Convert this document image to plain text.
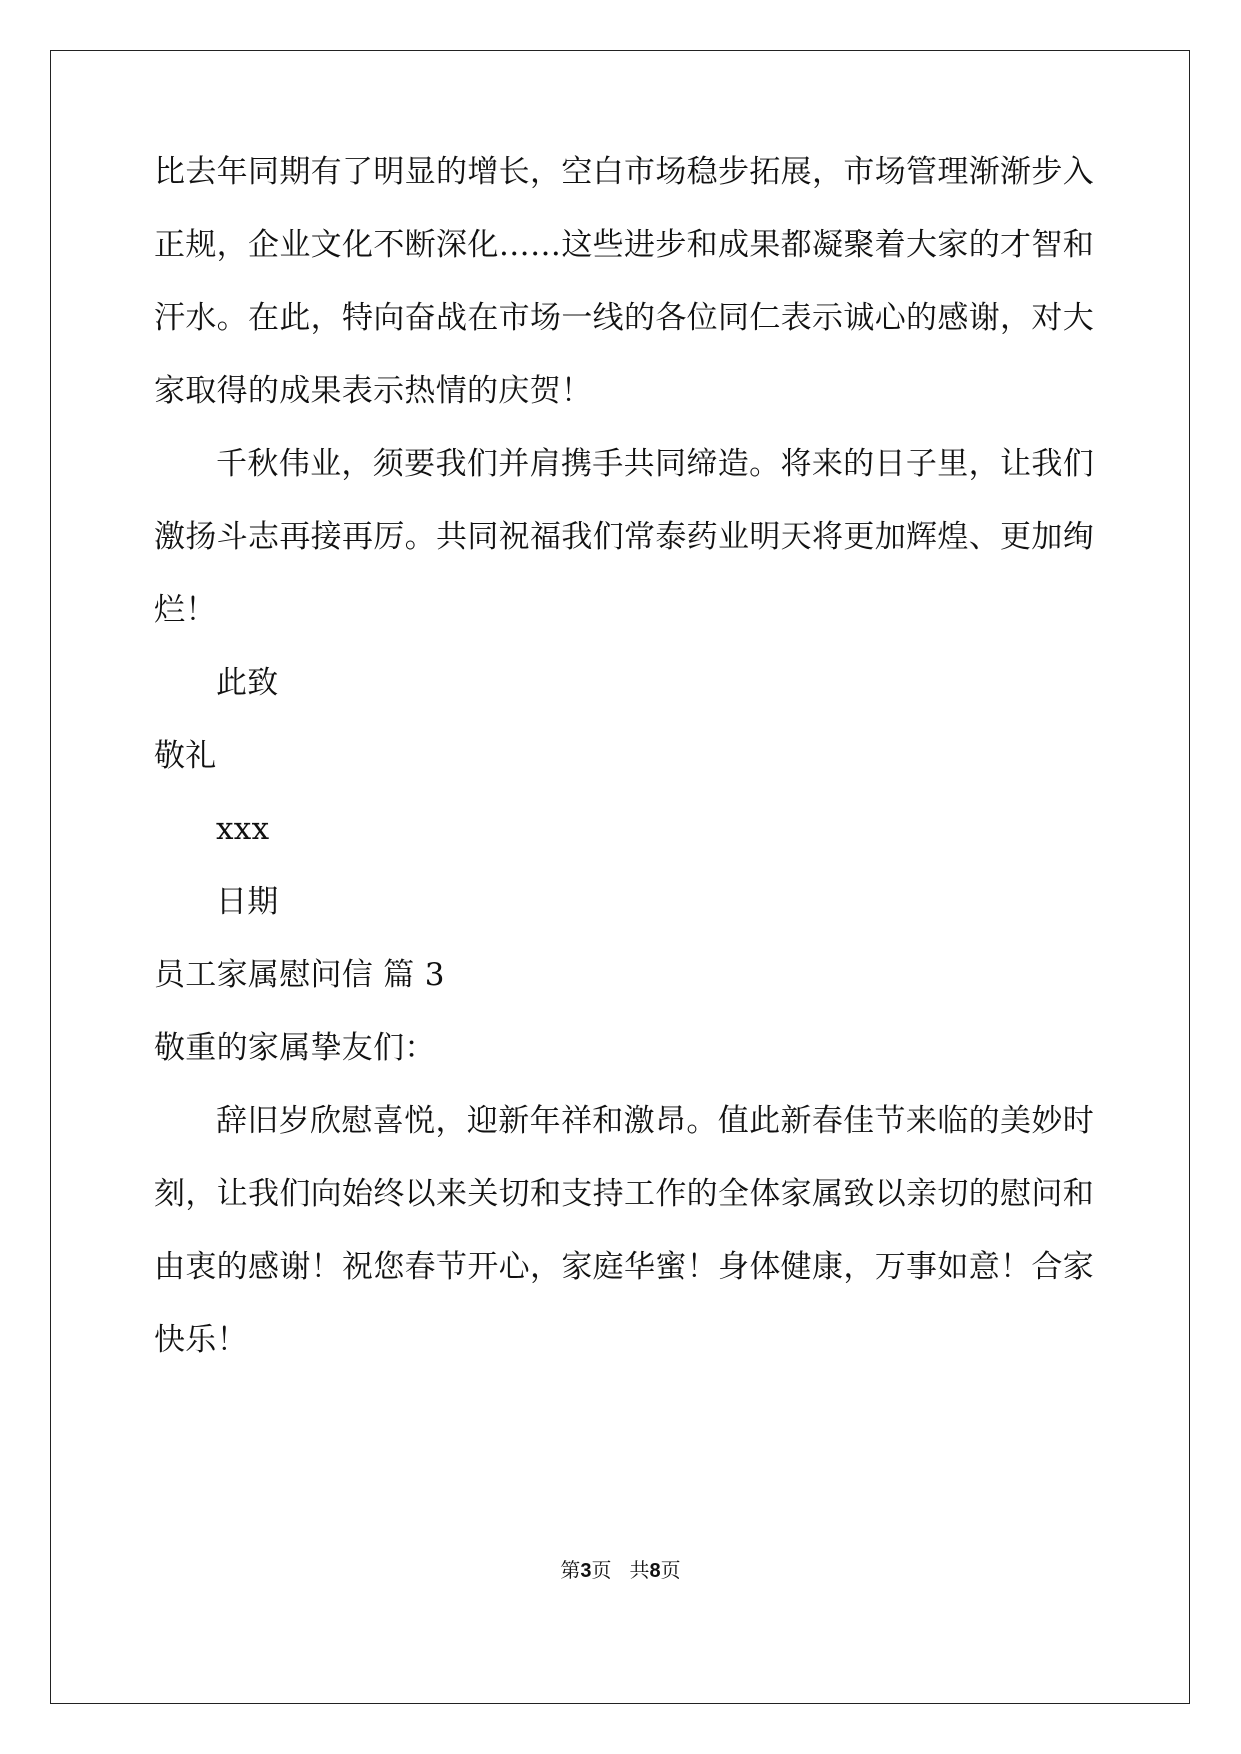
比去年同期有了明显的增长，空白市场稳步拓展，市场管理渐渐步入
正规，企业文化不断深化……这些进步和成果都凝聚着大家的才智和
汗水。在此，特向奋战在市场一线的各位同仁表示诚心的感谢，对大
家取得的成果表示热情的庆贺！
千秋伟业，须要我们并肩携手共同缔造。将来的日子里，让我们
激扬斗志再接再厉。共同祝福我们常泰药业明天将更加辉煌、更加绚
烂！
此致
敬礼
xxx
日期
员工家属慰问信 篇 3
敬重的家属挚友们：
辞旧岁欣慰喜悦，迎新年祥和激昂。值此新春佳节来临的美妙时
刻，让我们向始终以来关切和支持工作的全体家属致以亲切的慰问和
由衷的感谢！祝您春节开心，家庭华蜜！身体健康，万事如意！合家
快乐！
第3页 共8页
